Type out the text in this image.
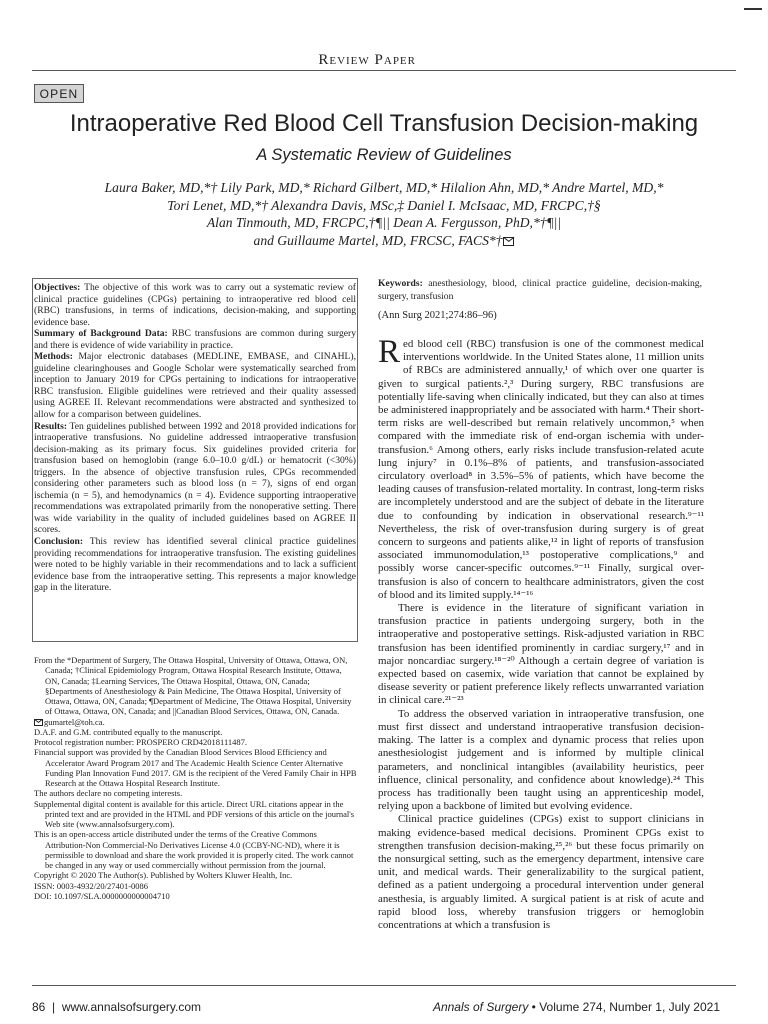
Review Paper
OPEN
Intraoperative Red Blood Cell Transfusion Decision-making
A Systematic Review of Guidelines
Laura Baker, MD,*† Lily Park, MD,* Richard Gilbert, MD,* Hilalion Ahn, MD,* Andre Martel, MD,*
Tori Lenet, MD,*† Alexandra Davis, MSc,‡ Daniel I. McIsaac, MD, FRCPC,†§
Alan Tinmouth, MD, FRCPC,†¶|| Dean A. Fergusson, PhD,*†¶||
and Guillaume Martel, MD, FRCSC, FACS*†

Objectives: The objective of this work was to carry out a systematic review of clinical practice guidelines (CPGs) pertaining to intraoperative red blood cell (RBC) transfusions, in terms of indications, decision-making, and supporting evidence base.

Summary of Background Data: RBC transfusions are common during surgery and there is evidence of wide variability in practice.

Methods: Major electronic databases (MEDLINE, EMBASE, and CINAHL), guideline clearinghouses and Google Scholar were systematically searched from inception to January 2019 for CPGs pertaining to indications for intraoperative RBC transfusion. Eligible guidelines were retrieved and their quality assessed using AGREE II. Relevant recommendations were abstracted and synthesized to allow for a comparison between guidelines.

Results: Ten guidelines published between 1992 and 2018 provided indications for intraoperative transfusions. No guideline addressed intraoperative transfusion decision-making as its primary focus. Six guidelines provided criteria for transfusion based on hemoglobin (range 6.0–10.0 g/dL) or hematocrit (<30%) triggers. In the absence of objective transfusion rules, CPGs recommended considering other parameters such as blood loss (n = 7), signs of end organ ischemia (n = 5), and hemodynamics (n = 4). Evidence supporting intraoperative recommendations was extrapolated primarily from the nonoperative setting. There was wide variability in the quality of included guidelines based on AGREE II scores.

Conclusion: This review has identified several clinical practice guidelines providing recommendations for intraoperative transfusion. The existing guidelines were noted to be highly variable in their recommendations and to lack a sufficient evidence base from the intraoperative setting. This represents a major knowledge gap in the literature.

From the *Department of Surgery, The Ottawa Hospital, University of Ottawa, Ottawa, ON, Canada; †Clinical Epidemiology Program, Ottawa Hospital Research Institute, Ottawa, ON, Canada; ‡Learning Services, The Ottawa Hospital, Ottawa, ON, Canada; §Departments of Anesthesiology & Pain Medicine, The Ottawa Hospital, University of Ottawa, Ottawa, ON, Canada; ¶Department of Medicine, The Ottawa Hospital, University of Ottawa, Ottawa, ON, Canada; and ||Canadian Blood Services, Ottawa, ON, Canada.
gumartel@toh.ca.
D.A.F. and G.M. contributed equally to the manuscript.
Protocol registration number: PROSPERO CRD42018111487.
Financial support was provided by the Canadian Blood Services Blood Efficiency and Accelerator Award Program 2017 and The Academic Health Science Center Alternative Funding Plan Innovation Fund 2017. GM is the recipient of the Vered Family Chair in HPB Research at the Ottawa Hospital Research Institute.
The authors declare no competing interests.
Supplemental digital content is available for this article. Direct URL citations appear in the printed text and are provided in the HTML and PDF versions of this article on the journal's Web site (www.annalsofsurgery.com).
This is an open-access article distributed under the terms of the Creative Commons Attribution-Non Commercial-No Derivatives License 4.0 (CCBY-NC-ND), where it is permissible to download and share the work provided it is properly cited. The work cannot be changed in any way or used commercially without permission from the journal.
Copyright © 2020 The Author(s). Published by Wolters Kluwer Health, Inc.
ISSN: 0003-4932/20/27401-0086
DOI: 10.1097/SLA.0000000000004710
Keywords: anesthesiology, blood, clinical practice guideline, decision-making, surgery, transfusion
(Ann Surg 2021;274:86–96)

Red blood cell (RBC) transfusion is one of the commonest medical interventions worldwide. In the United States alone, 11 million units of RBCs are administered annually,¹ of which over one quarter is given to surgical patients.²,³ During surgery, RBC transfusions are potentially life-saving when clinically indicated, but they can also at times be administered inappropriately and be associated with harm.⁴ Their short-term risks are well-described but remain relatively uncommon,⁵ when compared with the immediate risk of end-organ ischemia with under-transfusion.⁶ Among others, early risks include transfusion-related acute lung injury⁷ in 0.1%–8% of patients, and transfusion-associated circulatory overload⁸ in 3.5%–5% of patients, which have become the leading causes of transfusion-related mortality. In contrast, long-term risks are incompletely understood and are the subject of debate in the literature due to confounding by indication in observational research.⁹⁻¹¹ Nevertheless, the risk of over-transfusion during surgery is of great concern to surgeons and patients alike,¹² in light of reports of transfusion associated immunomodulation,¹³ postoperative complications,⁹ and possibly worse cancer-specific outcomes.⁹⁻¹¹ Finally, surgical over-transfusion is also of concern to healthcare administrators, given the cost of blood and its limited supply.¹⁴⁻¹⁶

There is evidence in the literature of significant variation in transfusion practice in patients undergoing surgery, both in the intraoperative and postoperative settings. Risk-adjusted variation in RBC transfusion has been identified prominently in cardiac surgery,¹⁷ and in major noncardiac surgery.¹⁸⁻²⁰ Although a certain degree of variation is expected based on casemix, wide variation that cannot be explained by disease severity or patient preference likely reflects unwarranted variation in clinical care.²¹⁻²³

To address the observed variation in intraoperative transfusion, one must first dissect and understand intraoperative transfusion decision-making. The latter is a complex and dynamic process that relies upon anesthesiologist judgement and is informed by multiple clinical parameters, and nonclinical intangibles (availability heuristics, peer influence, clinical personality, and confidence about knowledge).²⁴ This process has traditionally been taught using an apprenticeship model, relying upon a backbone of limited but evolving evidence.

Clinical practice guidelines (CPGs) exist to support clinicians in making evidence-based medical decisions. Prominent CPGs exist to strengthen transfusion decision-making,²⁵,²⁶ but these focus primarily on the nonsurgical setting, such as the emergency department, intensive care unit, and medical wards. Their generalizability to the surgical patient, defined as a patient undergoing a procedural intervention under general anesthesia, is arguably limited. A surgical patient is at risk of acute and rapid blood loss, whereby transfusion triggers or hemoglobin concentrations at which a transfusion is

86 | www.annalsofsurgery.com	Annals of Surgery • Volume 274, Number 1, July 2021
